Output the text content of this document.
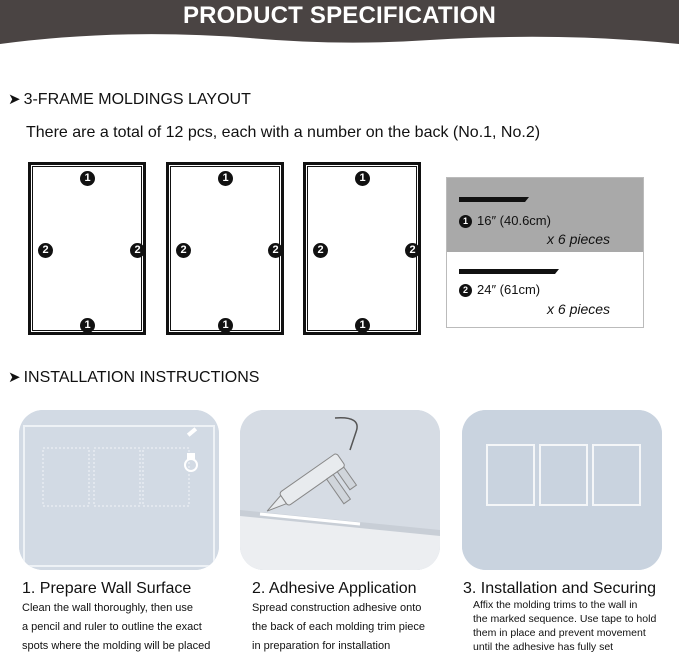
PRODUCT SPECIFICATION
➤ 3-FRAME MOLDINGS LAYOUT
There are a total of 12 pcs, each with a number on the back (No.1, No.2)
1
2	2
1
1
2	2
1
1
2	2
1
1 16″ (40.6cm)
x 6 pieces
2 24″ (61cm)
x 6 pieces
➤ INSTALLATION INSTRUCTIONS
1. Prepare Wall Surface
Clean the wall thoroughly, then use
a pencil and ruler to outline the exact
spots where the molding will be placed
2. Adhesive Application
Spread construction adhesive onto
the back of each molding trim piece
in preparation for installation
3. Installation and Securing
Affix the molding trims to the wall in
the marked sequence. Use tape to hold
them in place and prevent movement
until the adhesive has fully set
